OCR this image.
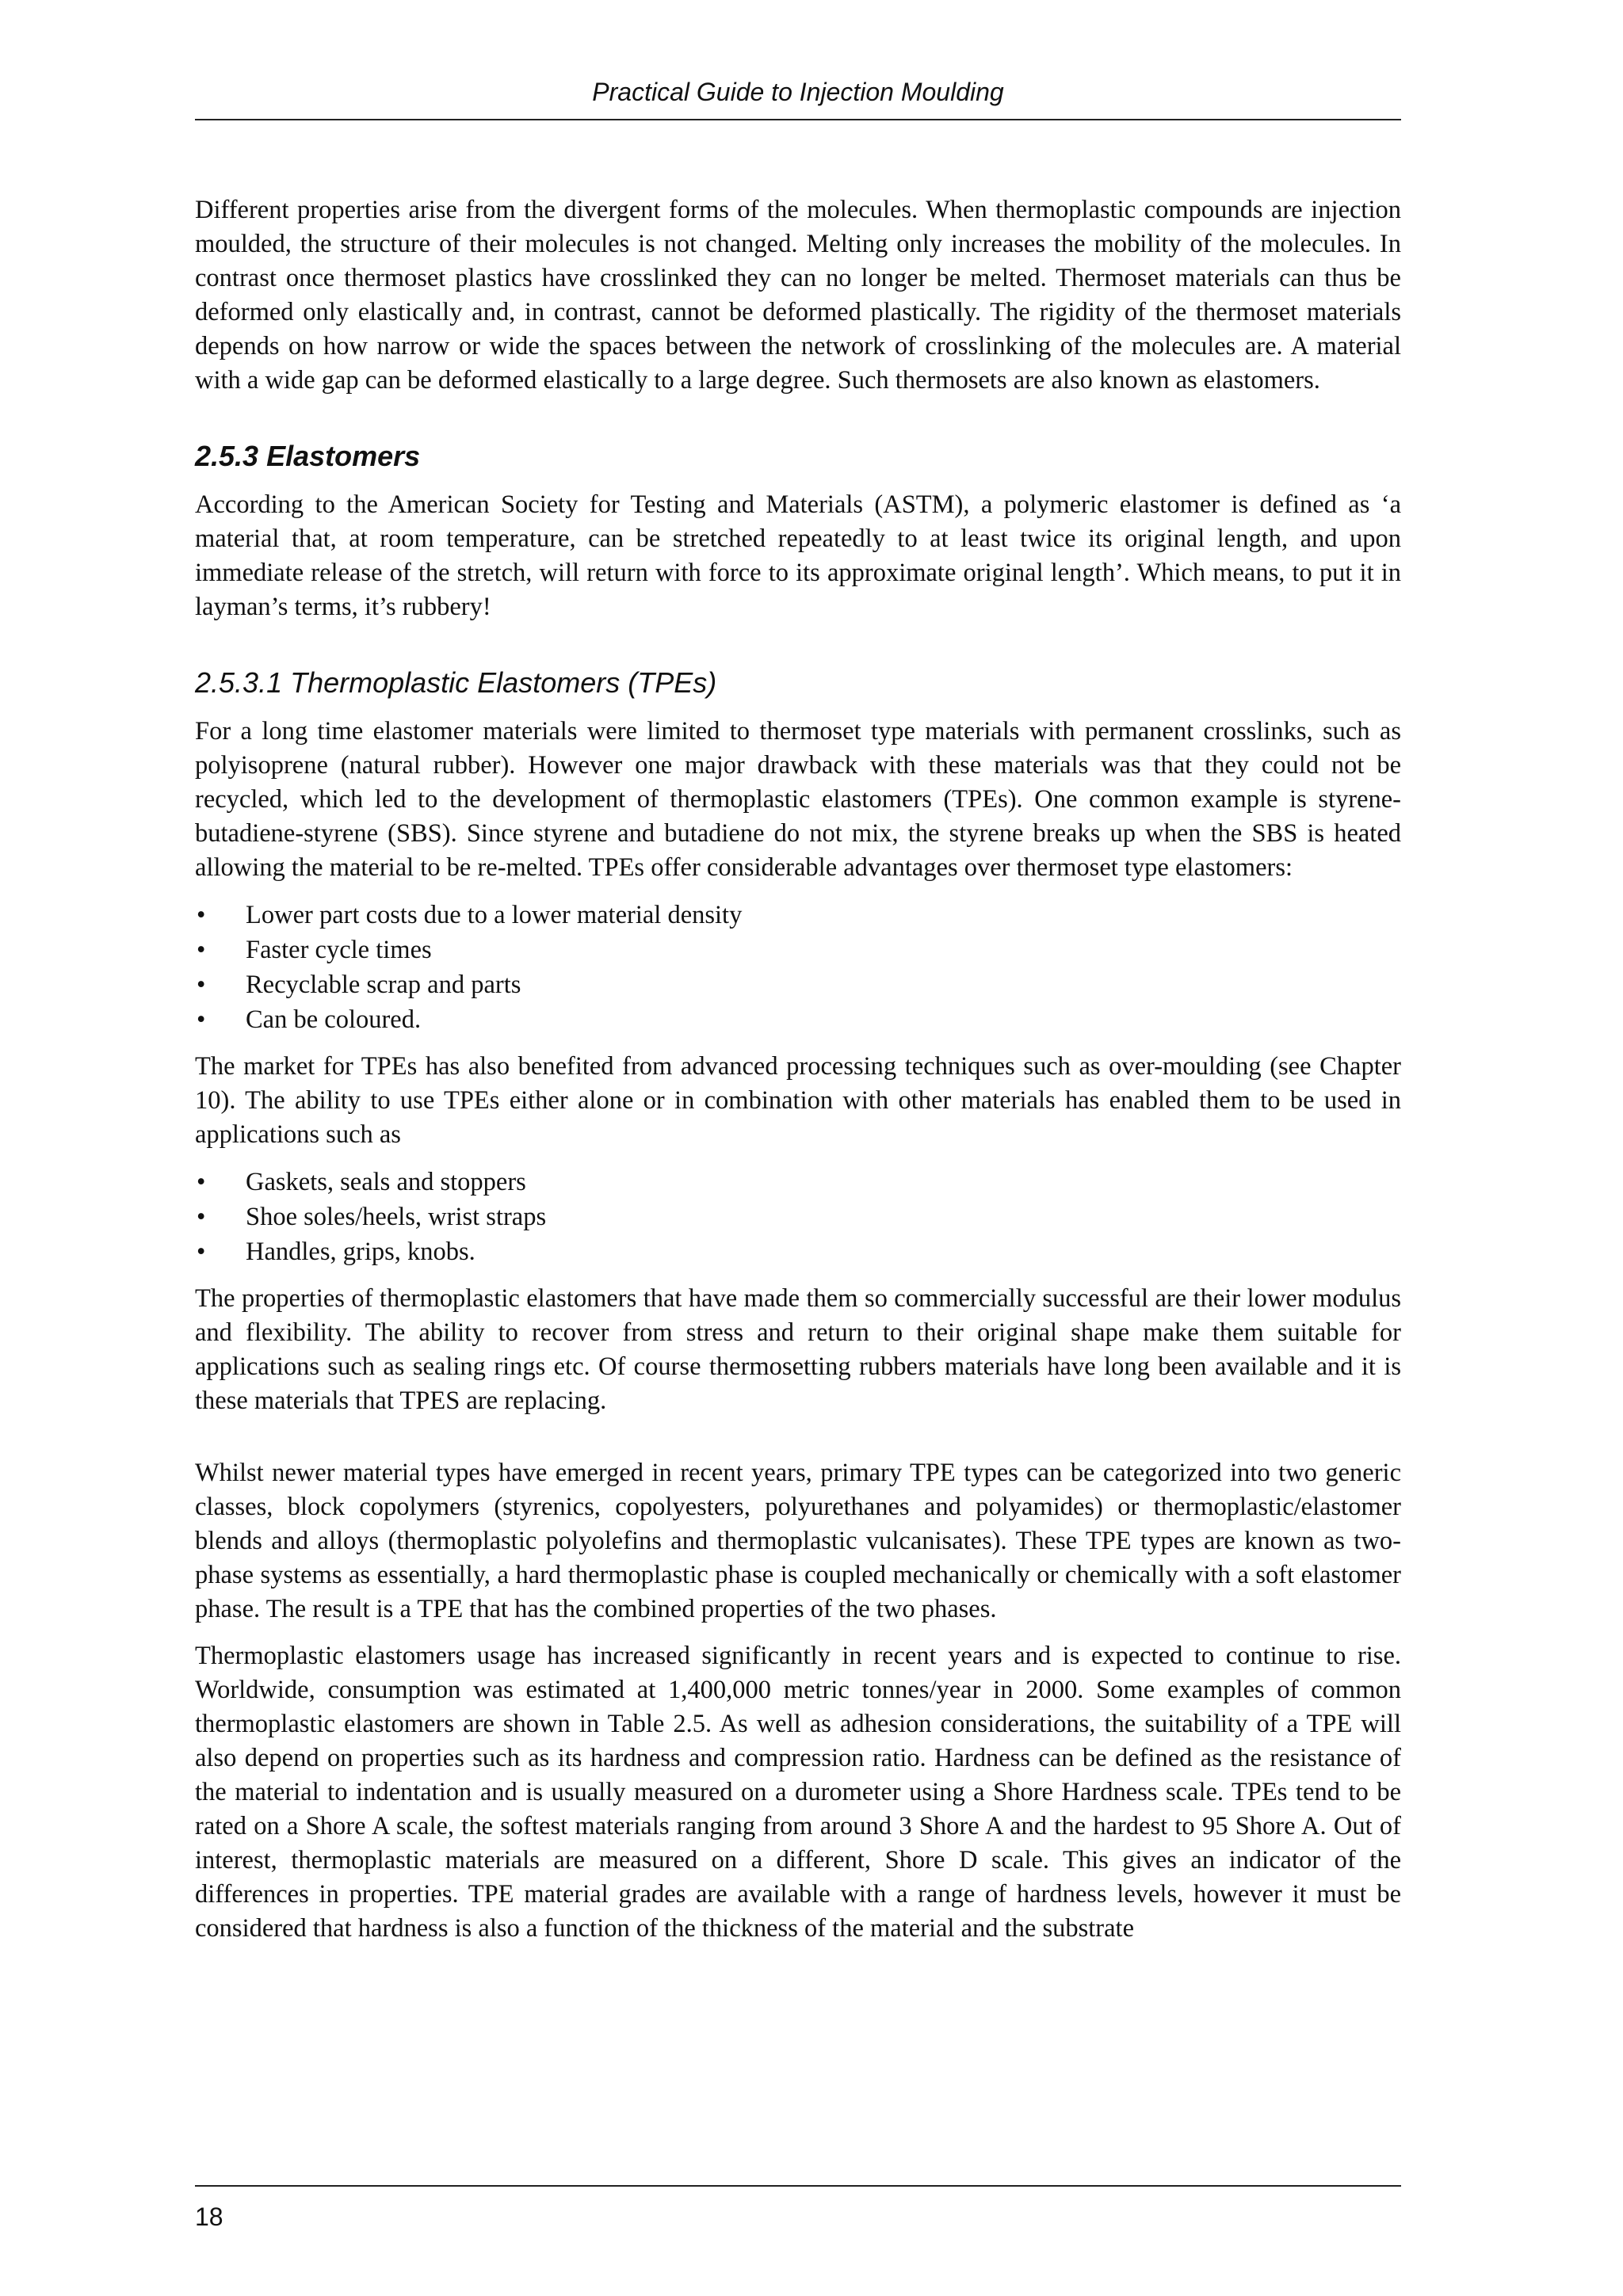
Practical Guide to Injection Moulding

Different properties arise from the divergent forms of the molecules. When thermoplastic compounds are injection moulded, the structure of their molecules is not changed. Melting only increases the mobility of the molecules. In contrast once thermoset plastics have crosslinked they can no longer be melted. Thermoset materials can thus be deformed only elastically and, in contrast, cannot be deformed plastically. The rigidity of the thermoset materials depends on how narrow or wide the spaces between the network of crosslinking of the molecules are. A material with a wide gap can be deformed elastically to a large degree. Such thermosets are also known as elastomers.

2.5.3 Elastomers

According to the American Society for Testing and Materials (ASTM), a polymeric elastomer is defined as ‘a material that, at room temperature, can be stretched repeatedly to at least twice its original length, and upon immediate release of the stretch, will return with force to its approximate original length’. Which means, to put it in layman’s terms, it’s rubbery!

2.5.3.1 Thermoplastic Elastomers (TPEs)

For a long time elastomer materials were limited to thermoset type materials with permanent crosslinks, such as polyisoprene (natural rubber). However one major drawback with these materials was that they could not be recycled, which led to the development of thermoplastic elastomers (TPEs). One common example is styrene-butadiene-styrene (SBS). Since styrene and butadiene do not mix, the styrene breaks up when the SBS is heated allowing the material to be re-melted. TPEs offer considerable advantages over thermoset type elastomers:

• Lower part costs due to a lower material density
• Faster cycle times
• Recyclable scrap and parts
• Can be coloured.

The market for TPEs has also benefited from advanced processing techniques such as over-moulding (see Chapter 10). The ability to use TPEs either alone or in combination with other materials has enabled them to be used in applications such as

• Gaskets, seals and stoppers
• Shoe soles/heels, wrist straps
• Handles, grips, knobs.

The properties of thermoplastic elastomers that have made them so commercially successful are their lower modulus and flexibility. The ability to recover from stress and return to their original shape make them suitable for applications such as sealing rings etc. Of course thermosetting rubbers materials have long been available and it is these materials that TPES are replacing.

Whilst newer material types have emerged in recent years, primary TPE types can be categorized into two generic classes, block copolymers (styrenics, copolyesters, polyurethanes and polyamides) or thermoplastic/elastomer blends and alloys (thermoplastic polyolefins and thermoplastic vulcanisates). These TPE types are known as two-phase systems as essentially, a hard thermoplastic phase is coupled mechanically or chemically with a soft elastomer phase. The result is a TPE that has the combined properties of the two phases.

Thermoplastic elastomers usage has increased significantly in recent years and is expected to continue to rise. Worldwide, consumption was estimated at 1,400,000 metric tonnes/year in 2000. Some examples of common thermoplastic elastomers are shown in Table 2.5. As well as adhesion considerations, the suitability of a TPE will also depend on properties such as its hardness and compression ratio. Hardness can be defined as the resistance of the material to indentation and is usually measured on a durometer using a Shore Hardness scale. TPEs tend to be rated on a Shore A scale, the softest materials ranging from around 3 Shore A and the hardest to 95 Shore A. Out of interest, thermoplastic materials are measured on a different, Shore D scale. This gives an indicator of the differences in properties. TPE material grades are available with a range of hardness levels, however it must be considered that hardness is also a function of the thickness of the material and the substrate

18
